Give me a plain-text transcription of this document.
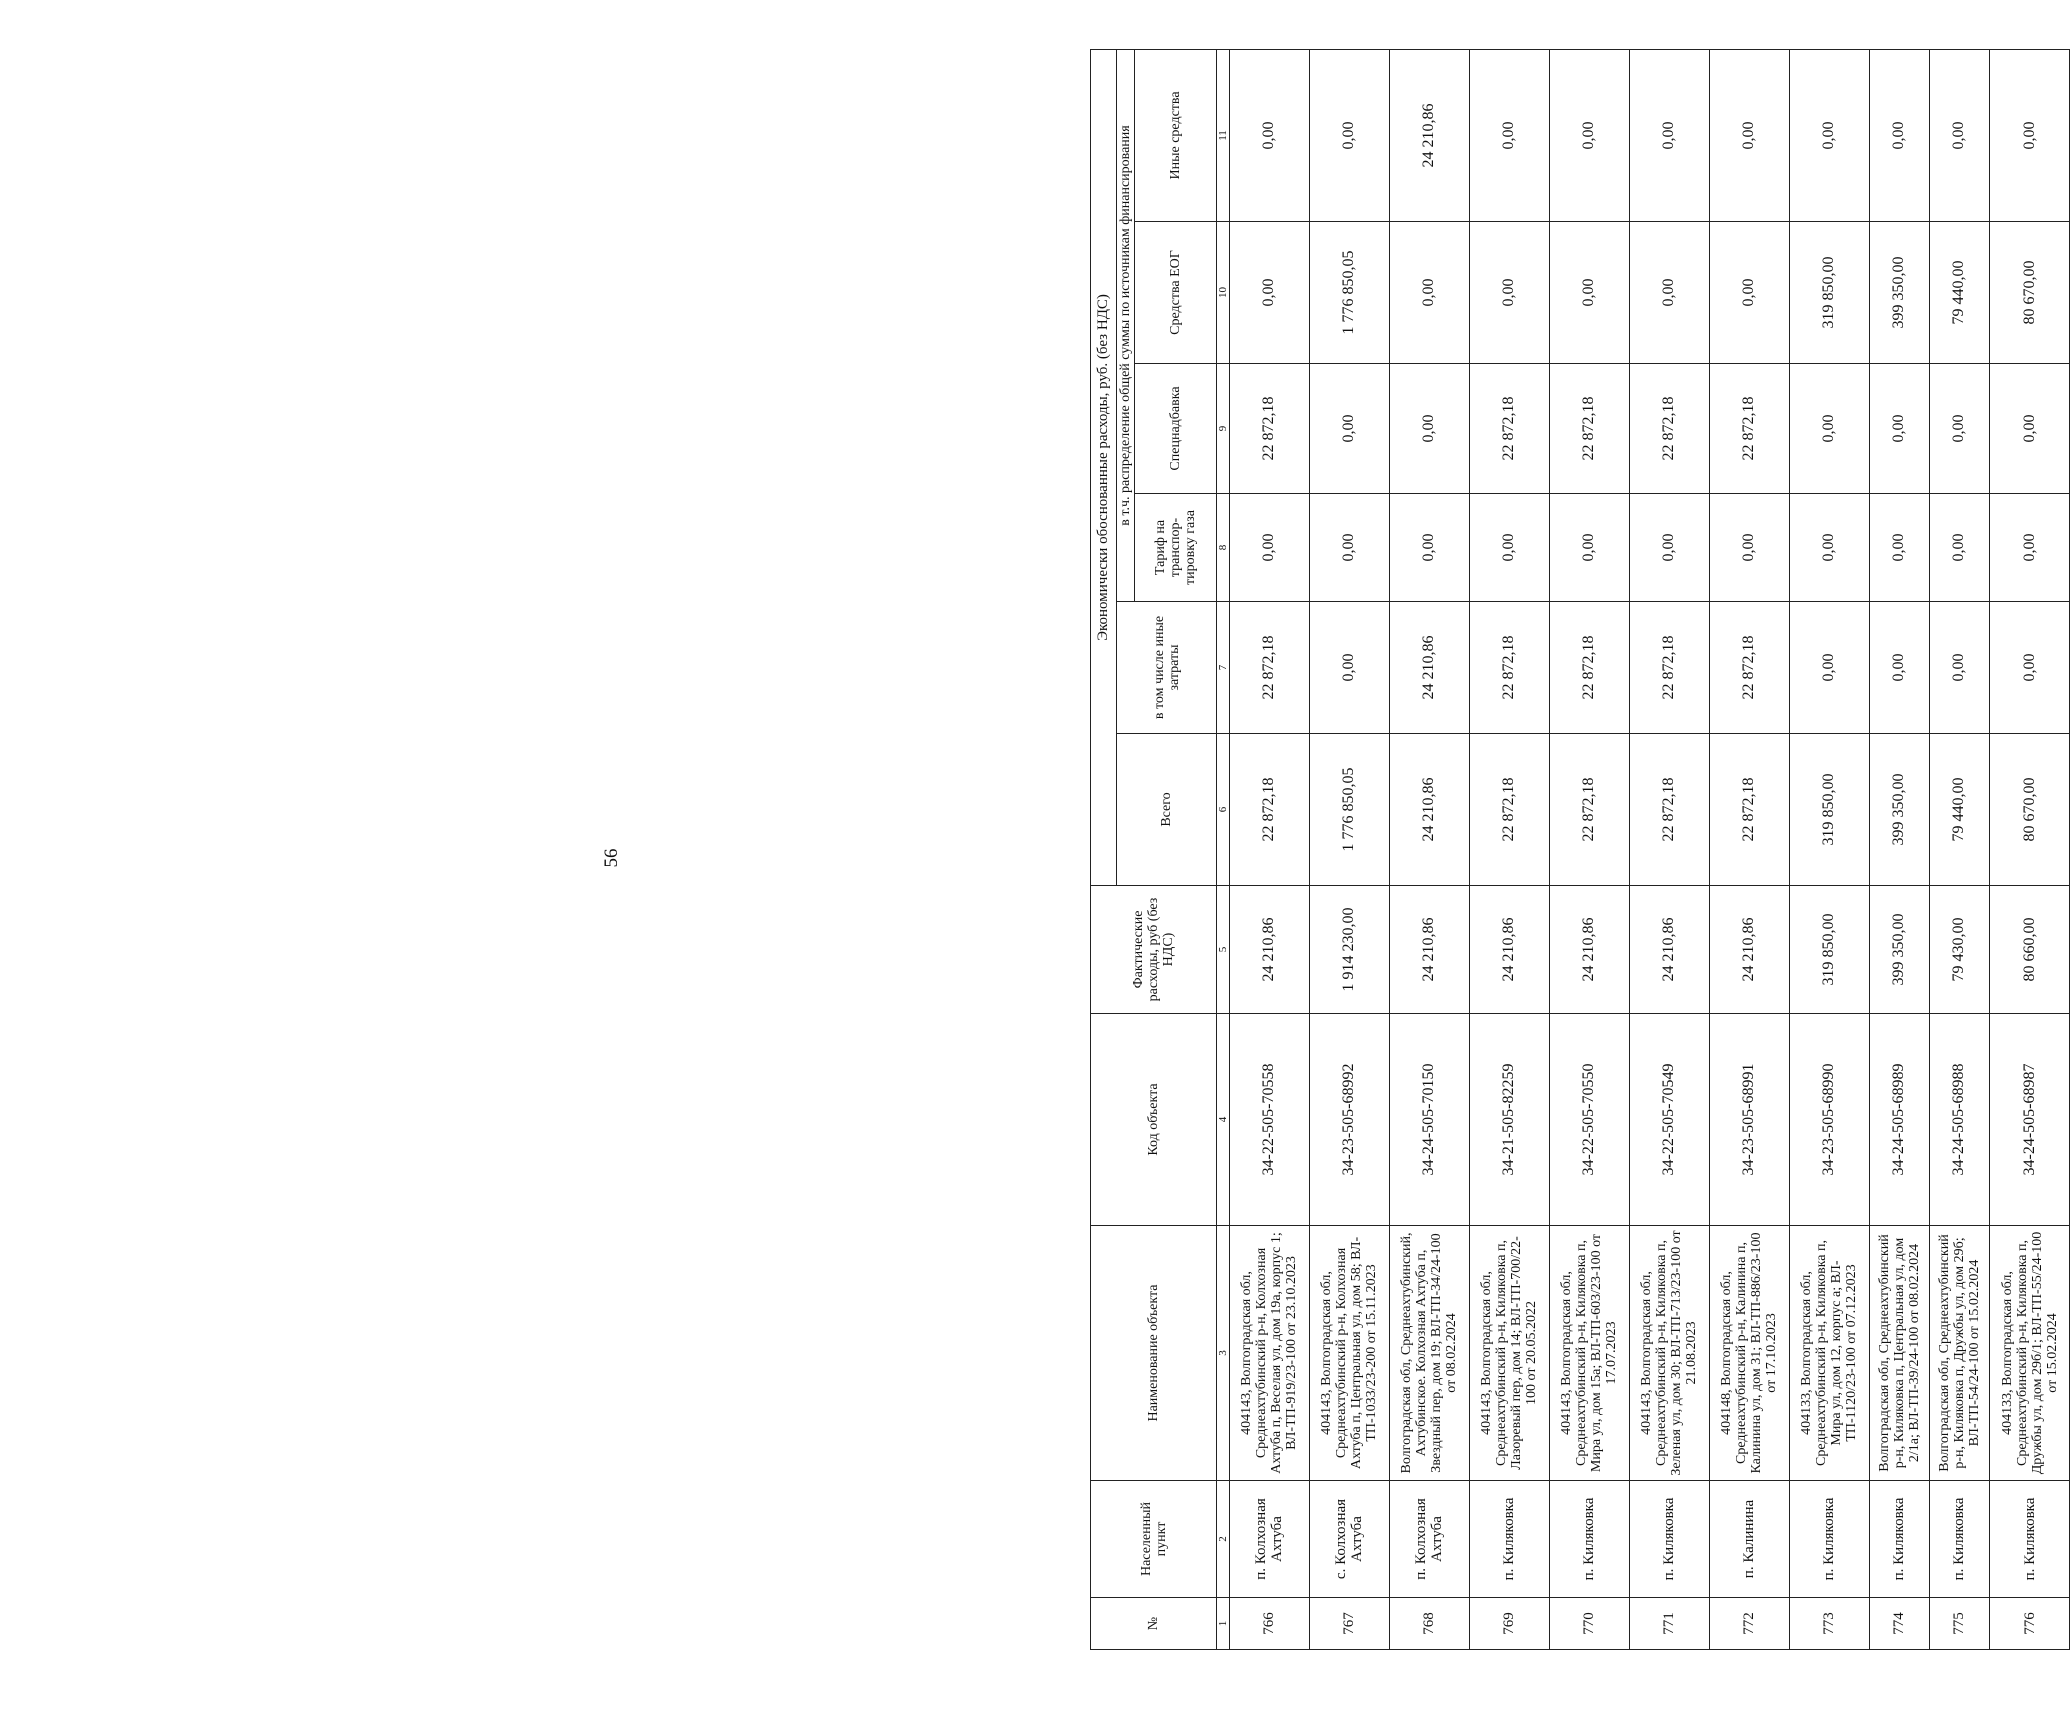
56
№	Населенный пункт	Наименование объекта	Код объекта	Фактические расходы, руб (без НДС)	Экономически обоснованные расходы, руб. (без НДС)					
					Всего	в том числе иные затраты	в т.ч. распределение общей суммы по источникам финансирования			
							Тариф на транспор-тировку газа	Спецнадбавка	Средства ЕОГ	Иные средства
1	2	3	4	5	6	7	8	9	10	11
766	п. Колхозная Ахтуба	404143, Волгоградская обл, Среднеахтубинский р-н, Колхозная Ахтуба п, Веселая ул, дом 19а, корпус 1; ВЛ-ТП-919/23-100 от 23.10.2023	34-22-505-70558	24 210,86	22 872,18	22 872,18	0,00	22 872,18	0,00	0,00
767	с. Колхозная Ахтуба	404143, Волгоградская обл, Среднеахтубинский р-н, Колхозная Ахтуба п, Центральная ул, дом 58; ВЛ-ТП-1033/23-200 от 15.11.2023	34-23-505-68992	1 914 230,00	1 776 850,05	0,00	0,00	0,00	1 776 850,05	0,00
768	п. Колхозная Ахтуба	Волгоградская обл, Среднеахтубинский, Ахтубинское. Колхозная Ахтуба п, Звездный пер, дом 19; ВЛ-ТП-34/24-100 от 08.02.2024	34-24-505-70150	24 210,86	24 210,86	24 210,86	0,00	0,00	0,00	24 210,86
769	п. Киляковка	404143, Волгоградская обл, Среднеахтубинский р-н, Киляковка п, Лазоревый пер, дом 14; ВЛ-ТП-700/22-100 от 20.05.2022	34-21-505-82259	24 210,86	22 872,18	22 872,18	0,00	22 872,18	0,00	0,00
770	п. Киляковка	404143, Волгоградская обл, Среднеахтубинский р-н, Киляковка п, Мира ул, дом 15а; ВЛ-ТП-603/23-100 от 17.07.2023	34-22-505-70550	24 210,86	22 872,18	22 872,18	0,00	22 872,18	0,00	0,00
771	п. Киляковка	404143, Волгоградская обл, Среднеахтубинский р-н, Киляковка п, Зеленая ул, дом 30; ВЛ-ТП-713/23-100 от 21.08.2023	34-22-505-70549	24 210,86	22 872,18	22 872,18	0,00	22 872,18	0,00	0,00
772	п. Калинина	404148, Волгоградская обл, Среднеахтубинский р-н, Калинина п, Калинина ул, дом 31; ВЛ-ТП-886/23-100 от 17.10.2023	34-23-505-68991	24 210,86	22 872,18	22 872,18	0,00	22 872,18	0,00	0,00
773	п. Киляковка	404133, Волгоградская обл, Среднеахтубинский р-н, Киляковка п, Мира ул, дом 12, корпус а; ВЛ-ТП-1120/23-100 от 07.12.2023	34-23-505-68990	319 850,00	319 850,00	0,00	0,00	0,00	319 850,00	0,00
774	п. Киляковка	Волгоградская обл, Среднеахтубинский р-н, Киляковка п, Центральная ул, дом 2/1а; ВЛ-ТП-39/24-100 от 08.02.2024	34-24-505-68989	399 350,00	399 350,00	0,00	0,00	0,00	399 350,00	0,00
775	п. Киляковка	Волгоградская обл, Среднеахтубинский р-н, Киляковка п, Дружбы ул, дом 29б; ВЛ-ТП-54/24-100 от 15.02.2024	34-24-505-68988	79 430,00	79 440,00	0,00	0,00	0,00	79 440,00	0,00
776	п. Киляковка	404133, Волгоградская обл, Среднеахтубинский р-н, Киляковка п, Дружбы ул, дом 29б/1; ВЛ-ТП-55/24-100 от 15.02.2024	34-24-505-68987	80 660,00	80 670,00	0,00	0,00	0,00	80 670,00	0,00
